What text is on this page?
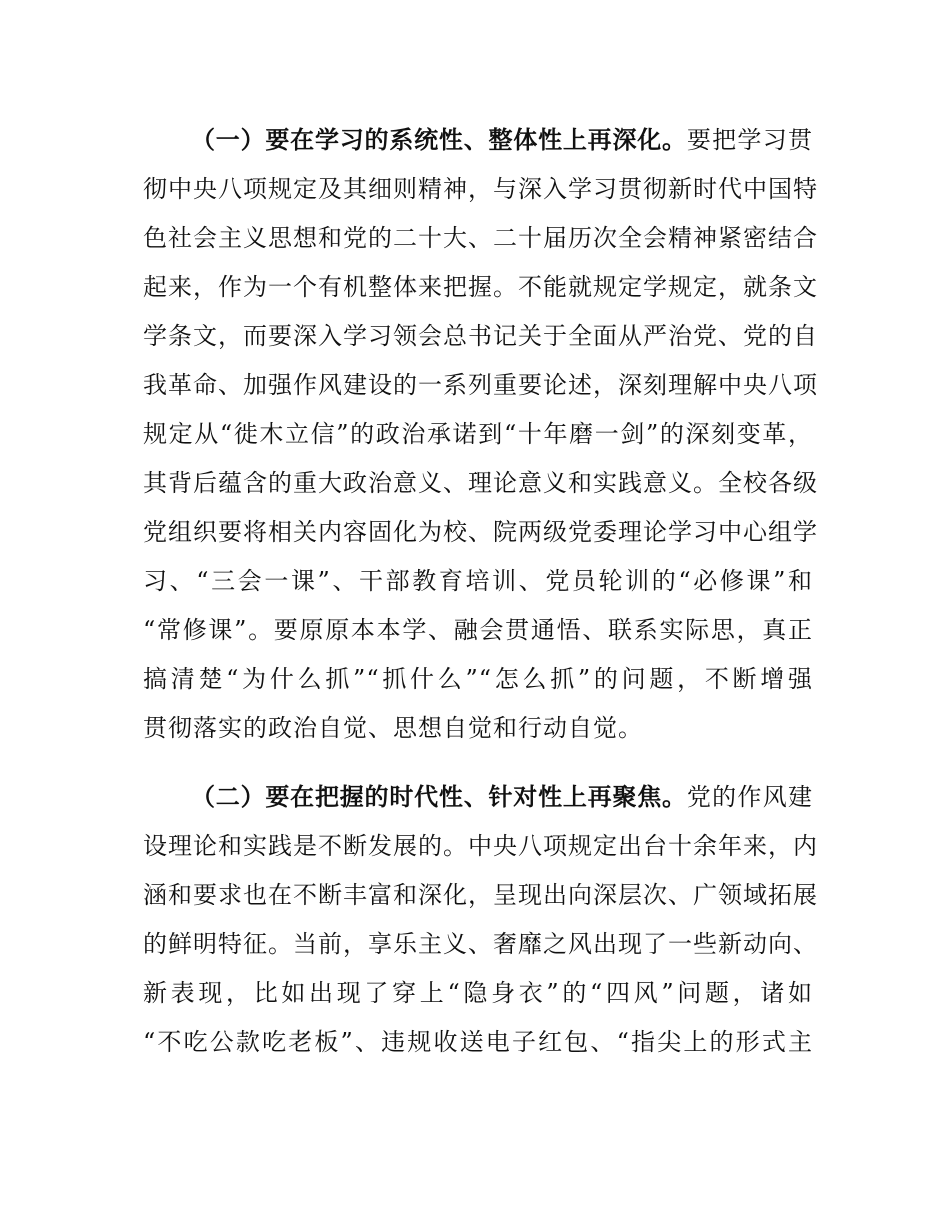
（一）要在学习的系统性、整体性上再深化。要把学习贯
彻中央八项规定及其细则精神，与深入学习贯彻新时代中国特
色社会主义思想和党的二十大、二十届历次全会精神紧密结合
起来，作为一个有机整体来把握。不能就规定学规定，就条文
学条文，而要深入学习领会总书记关于全面从严治党、党的自
我革命、加强作风建设的一系列重要论述，深刻理解中央八项
规定从“徙木立信”的政治承诺到“十年磨一剑”的深刻变革，
其背后蕴含的重大政治意义、理论意义和实践意义。全校各级
党组织要将相关内容固化为校、院两级党委理论学习中心组学
习、“三会一课”、干部教育培训、党员轮训的“必修课”和
“常修课”。要原原本本学、融会贯通悟、联系实际思，真正
搞清楚“为什么抓”“抓什么”“怎么抓”的问题，不断增强
贯彻落实的政治自觉、思想自觉和行动自觉。
（二）要在把握的时代性、针对性上再聚焦。党的作风建
设理论和实践是不断发展的。中央八项规定出台十余年来，内
涵和要求也在不断丰富和深化，呈现出向深层次、广领域拓展
的鲜明特征。当前，享乐主义、奢靡之风出现了一些新动向、
新表现，比如出现了穿上“隐身衣”的“四风”问题，诸如
“不吃公款吃老板”、违规收送电子红包、“指尖上的形式主
